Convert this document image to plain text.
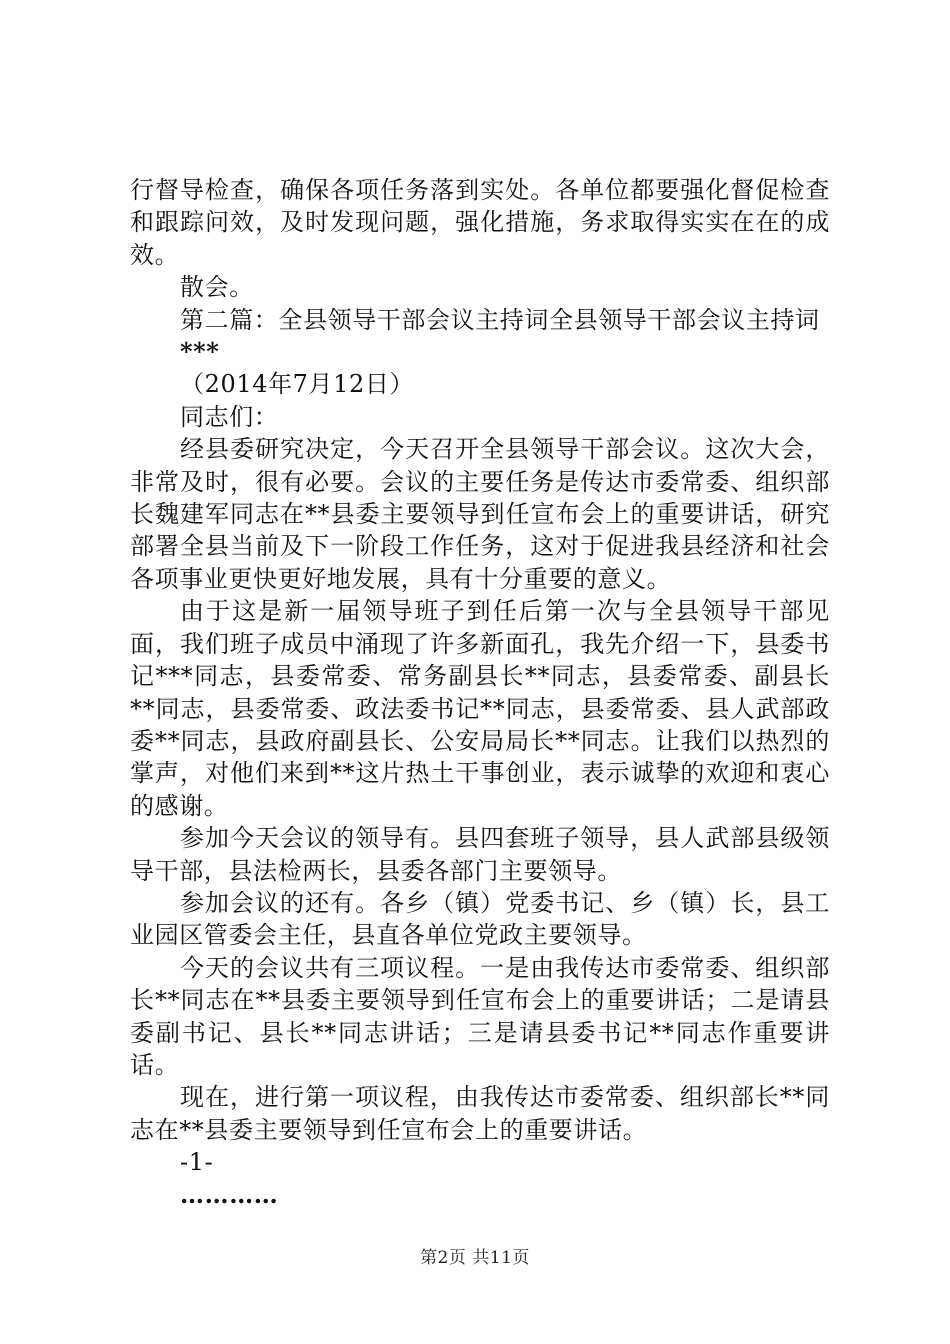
行督导检查，确保各项任务落到实处。各单位都要强化督促检查和跟踪问效，及时发现问题，强化措施，务求取得实实在在的成效。

散会。

第二篇：全县领导干部会议主持词全县领导干部会议主持词

***

（2014年7月12日）

同志们：

经县委研究决定，今天召开全县领导干部会议。这次大会，非常及时，很有必要。会议的主要任务是传达市委常委、组织部长魏建军同志在**县委主要领导到任宣布会上的重要讲话，研究部署全县当前及下一阶段工作任务，这对于促进我县经济和社会各项事业更快更好地发展，具有十分重要的意义。

由于这是新一届领导班子到任后第一次与全县领导干部见面，我们班子成员中涌现了许多新面孔，我先介绍一下，县委书记***同志，县委常委、常务副县长**同志，县委常委、副县长**同志，县委常委、政法委书记**同志，县委常委、县人武部政委**同志，县政府副县长、公安局局长**同志。让我们以热烈的掌声，对他们来到**这片热土干事创业，表示诚挚的欢迎和衷心的感谢。

参加今天会议的领导有。县四套班子领导，县人武部县级领导干部，县法检两长，县委各部门主要领导。

参加会议的还有。各乡（镇）党委书记、乡（镇）长，县工业园区管委会主任，县直各单位党政主要领导。

今天的会议共有三项议程。一是由我传达市委常委、组织部长**同志在**县委主要领导到任宣布会上的重要讲话；二是请县委副书记、县长**同志讲话；三是请县委书记**同志作重要讲话。

现在，进行第一项议程，由我传达市委常委、组织部长**同志在**县委主要领导到任宣布会上的重要讲话。

-1-

…………

第2页 共11页
